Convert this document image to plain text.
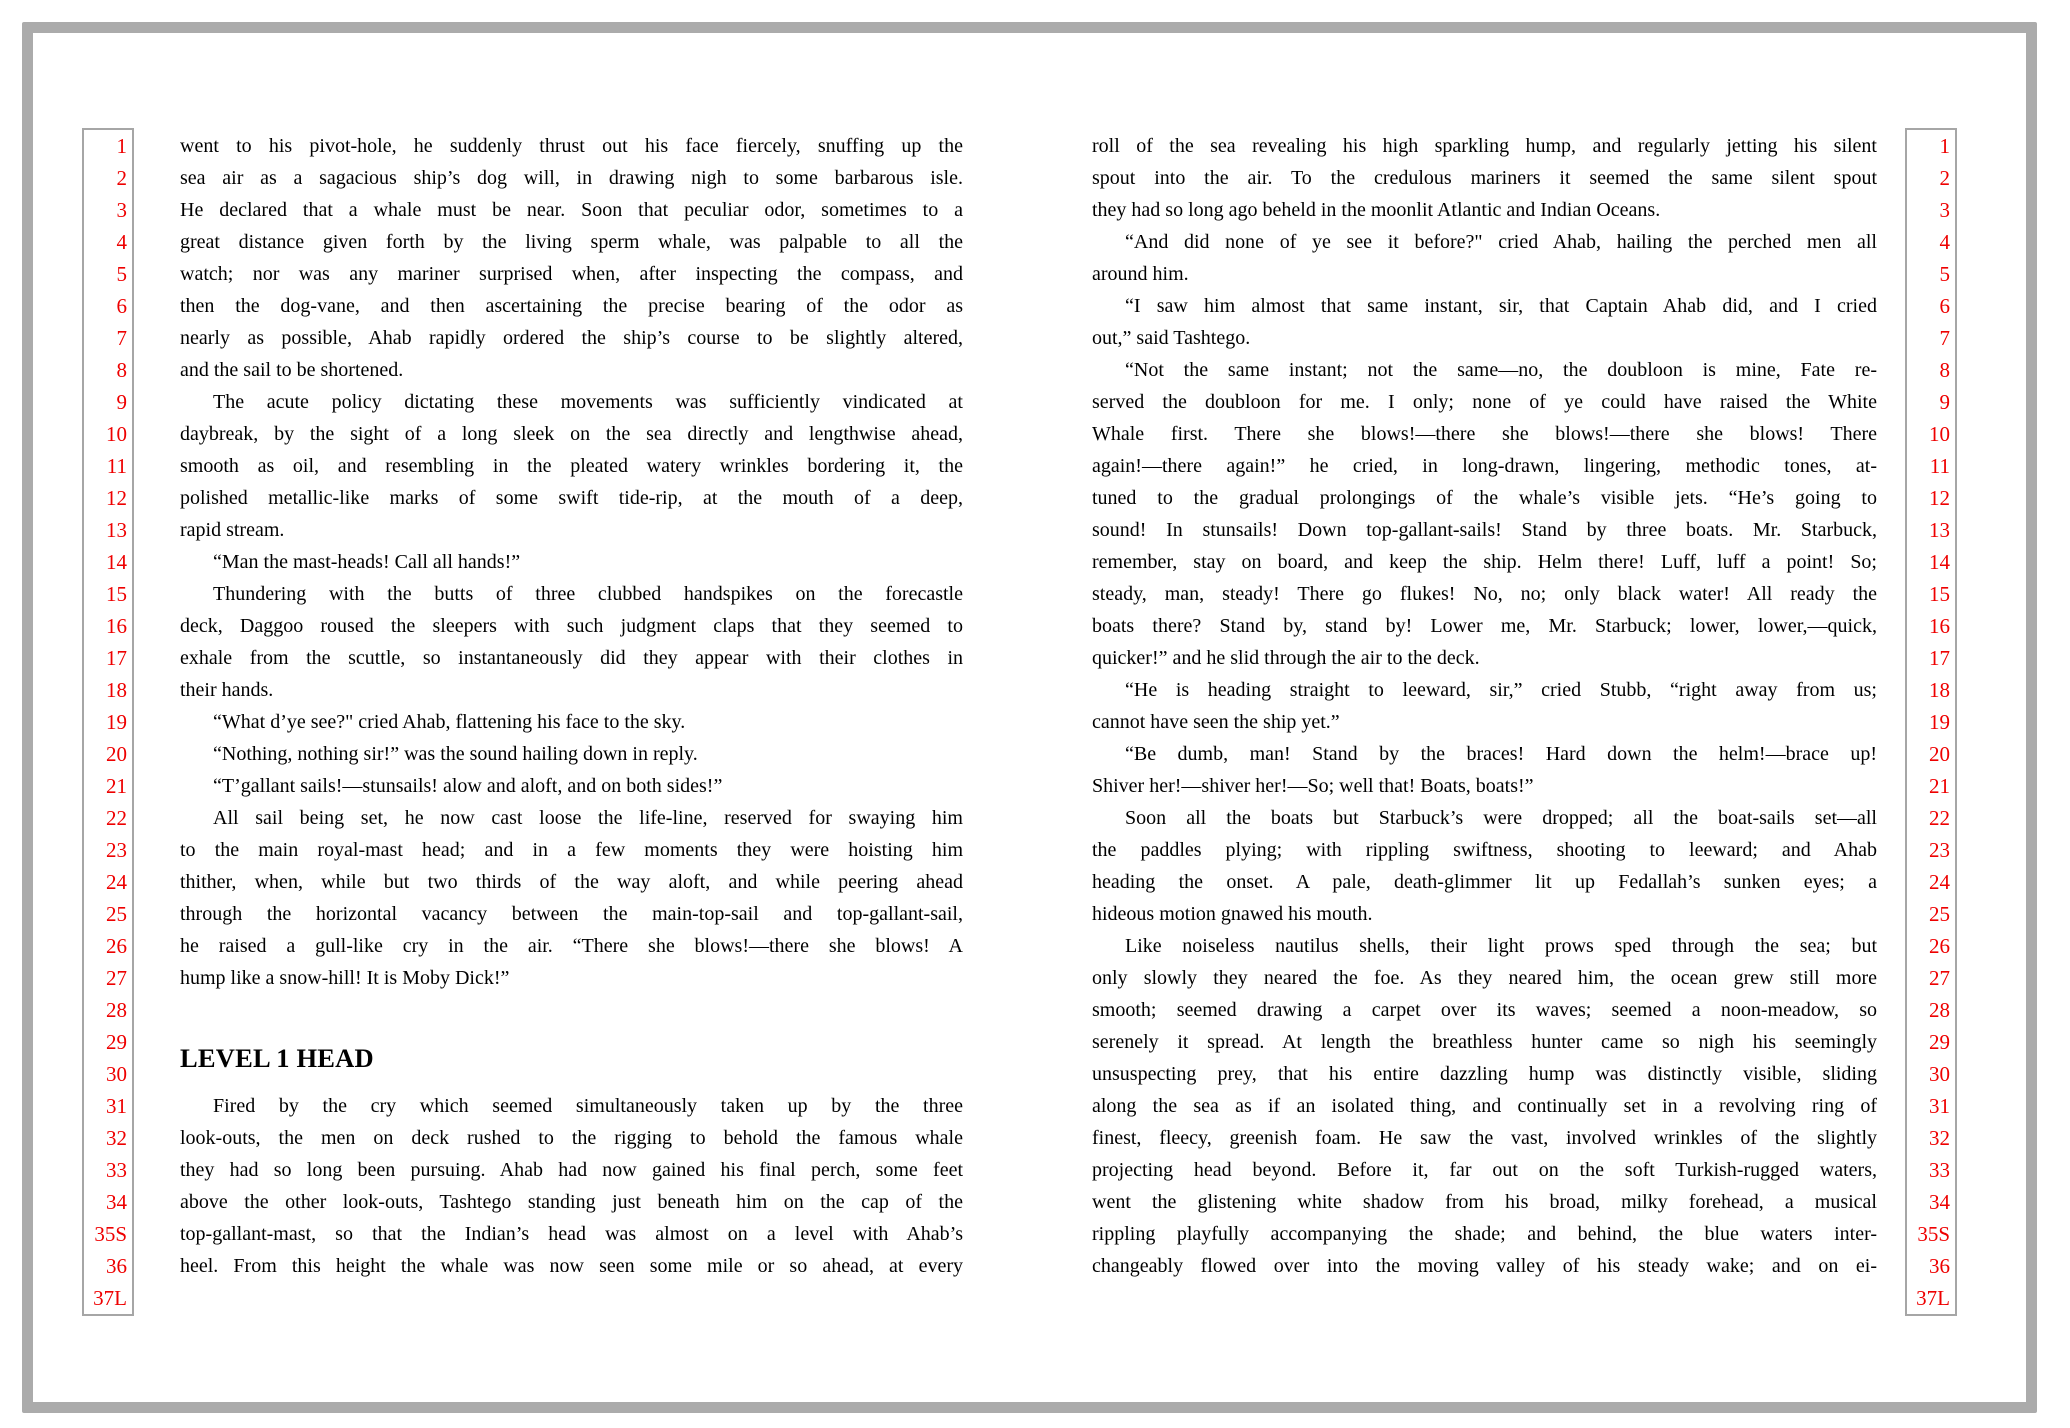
1
2
3
4
5
6
7
8
9
10
11
12
13
14
15
16
17
18
19
20
21
22
23
24
25
26
27
28
29
30
31
32
33
34
35S
36
37L
went to his pivot-hole, he suddenly thrust out his face fiercely, snuffing up the
sea air as a sagacious ship’s dog will, in drawing nigh to some barbarous isle.
He declared that a whale must be near. Soon that peculiar odor, sometimes to a
great distance given forth by the living sperm whale, was palpable to all the
watch; nor was any mariner surprised when, after inspecting the compass, and
then the dog-vane, and then ascertaining the precise bearing of the odor as
nearly as possible, Ahab rapidly ordered the ship’s course to be slightly altered,
and the sail to be shortened.
The acute policy dictating these movements was sufficiently vindicated at
daybreak, by the sight of a long sleek on the sea directly and lengthwise ahead,
smooth as oil, and resembling in the pleated watery wrinkles bordering it, the
polished metallic-like marks of some swift tide-rip, at the mouth of a deep,
rapid stream.
“Man the mast-heads! Call all hands!”
Thundering with the butts of three clubbed handspikes on the forecastle
deck, Daggoo roused the sleepers with such judgment claps that they seemed to
exhale from the scuttle, so instantaneously did they appear with their clothes in
their hands.
“What d’ye see?" cried Ahab, flattening his face to the sky.
“Nothing, nothing sir!” was the sound hailing down in reply.
“T’gallant sails!—stunsails! alow and aloft, and on both sides!”
All sail being set, he now cast loose the life-line, reserved for swaying him
to the main royal-mast head; and in a few moments they were hoisting him
thither, when, while but two thirds of the way aloft, and while peering ahead
through the horizontal vacancy between the main-top-sail and top-gallant-sail,
he raised a gull-like cry in the air. “There she blows!—there she blows! A
hump like a snow-hill! It is Moby Dick!”
Fired by the cry which seemed simultaneously taken up by the three
look-outs, the men on deck rushed to the rigging to behold the famous whale
they had so long been pursuing. Ahab had now gained his final perch, some feet
above the other look-outs, Tashtego standing just beneath him on the cap of the
top-gallant-mast, so that the Indian’s head was almost on a level with Ahab’s
heel. From this height the whale was now seen some mile or so ahead, at every
LEVEL 1 HEAD
roll of the sea revealing his high sparkling hump, and regularly jetting his silent
spout into the air. To the credulous mariners it seemed the same silent spout
they had so long ago beheld in the moonlit Atlantic and Indian Oceans.
“And did none of ye see it before?" cried Ahab, hailing the perched men all
around him.
“I saw him almost that same instant, sir, that Captain Ahab did, and I cried
out,” said Tashtego.
“Not the same instant; not the same—no, the doubloon is mine, Fate re-
served the doubloon for me. I only; none of ye could have raised the White
Whale first. There she blows!—there she blows!—there she blows! There
again!—there again!” he cried, in long-drawn, lingering, methodic tones, at-
tuned to the gradual prolongings of the whale’s visible jets. “He’s going to
sound! In stunsails! Down top-gallant-sails! Stand by three boats. Mr. Starbuck,
remember, stay on board, and keep the ship. Helm there! Luff, luff a point! So;
steady, man, steady! There go flukes! No, no; only black water! All ready the
boats there? Stand by, stand by! Lower me, Mr. Starbuck; lower, lower,—quick,
quicker!” and he slid through the air to the deck.
“He is heading straight to leeward, sir,” cried Stubb, “right away from us;
cannot have seen the ship yet.”
“Be dumb, man! Stand by the braces! Hard down the helm!—brace up!
Shiver her!—shiver her!—So; well that! Boats, boats!”
Soon all the boats but Starbuck’s were dropped; all the boat-sails set—all
the paddles plying; with rippling swiftness, shooting to leeward; and Ahab
heading the onset. A pale, death-glimmer lit up Fedallah’s sunken eyes; a
hideous motion gnawed his mouth.
Like noiseless nautilus shells, their light prows sped through the sea; but
only slowly they neared the foe. As they neared him, the ocean grew still more
smooth; seemed drawing a carpet over its waves; seemed a noon-meadow, so
serenely it spread. At length the breathless hunter came so nigh his seemingly
unsuspecting prey, that his entire dazzling hump was distinctly visible, sliding
along the sea as if an isolated thing, and continually set in a revolving ring of
finest, fleecy, greenish foam. He saw the vast, involved wrinkles of the slightly
projecting head beyond. Before it, far out on the soft Turkish-rugged waters,
went the glistening white shadow from his broad, milky forehead, a musical
rippling playfully accompanying the shade; and behind, the blue waters inter-
changeably flowed over into the moving valley of his steady wake; and on ei-
1
2
3
4
5
6
7
8
9
10
11
12
13
14
15
16
17
18
19
20
21
22
23
24
25
26
27
28
29
30
31
32
33
34
35S
36
37L
